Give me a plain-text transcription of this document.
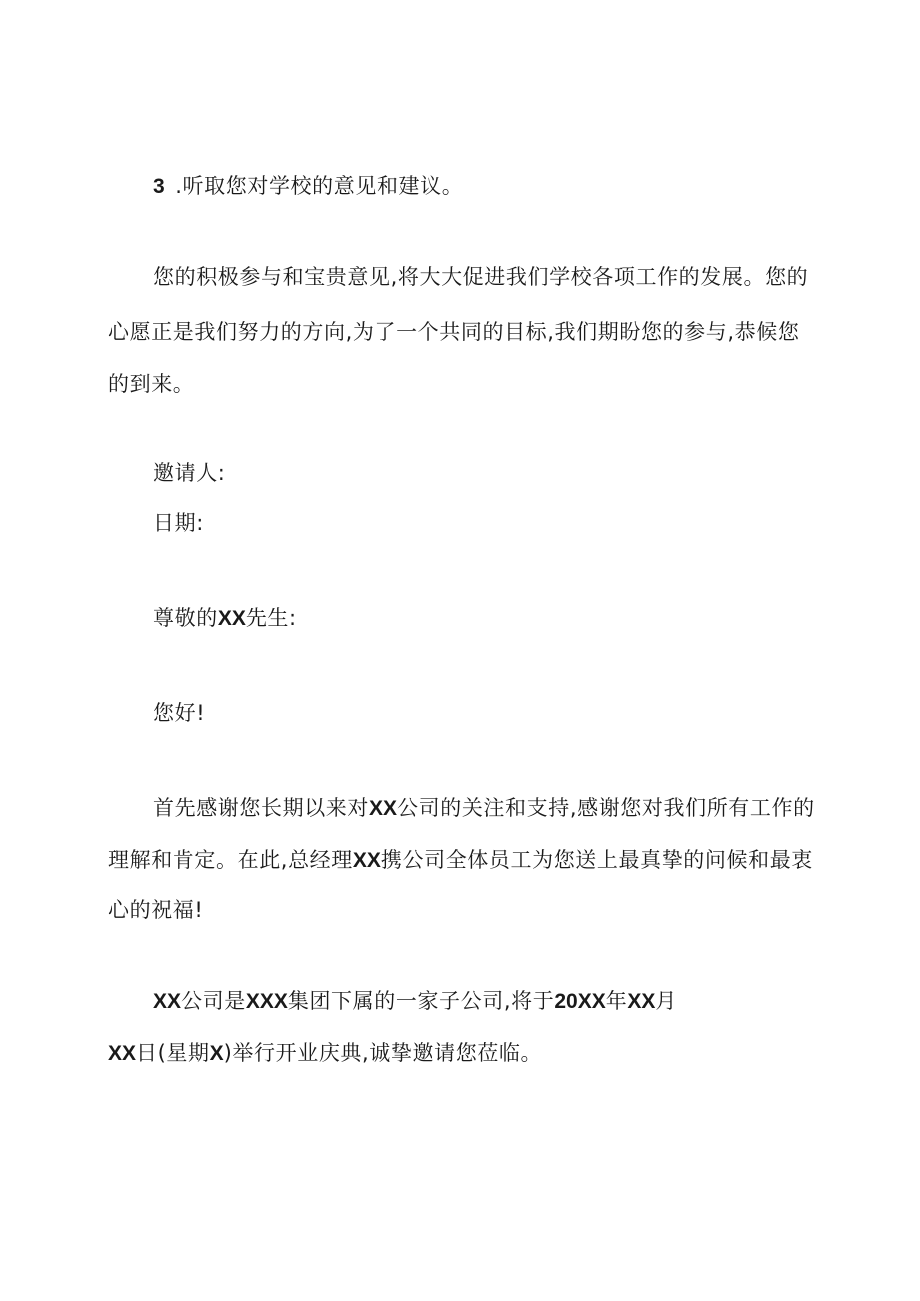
3 .听取您对学校的意见和建议。
您的积极参与和宝贵意见,将大大促进我们学校各项工作的发展。您的
心愿正是我们努力的方向,为了一个共同的目标,我们期盼您的参与,恭候您
的到来。
邀请人:
日期:
尊敬的XX先生:
您好!
首先感谢您长期以来对XX公司的关注和支持,感谢您对我们所有工作的
理解和肯定。在此,总经理XX携公司全体员工为您送上最真挚的问候和最衷
心的祝福!
XX公司是XXX集团下属的一家子公司,将于20XX年XX月
XX日(星期X)举行开业庆典,诚挚邀请您莅临。
